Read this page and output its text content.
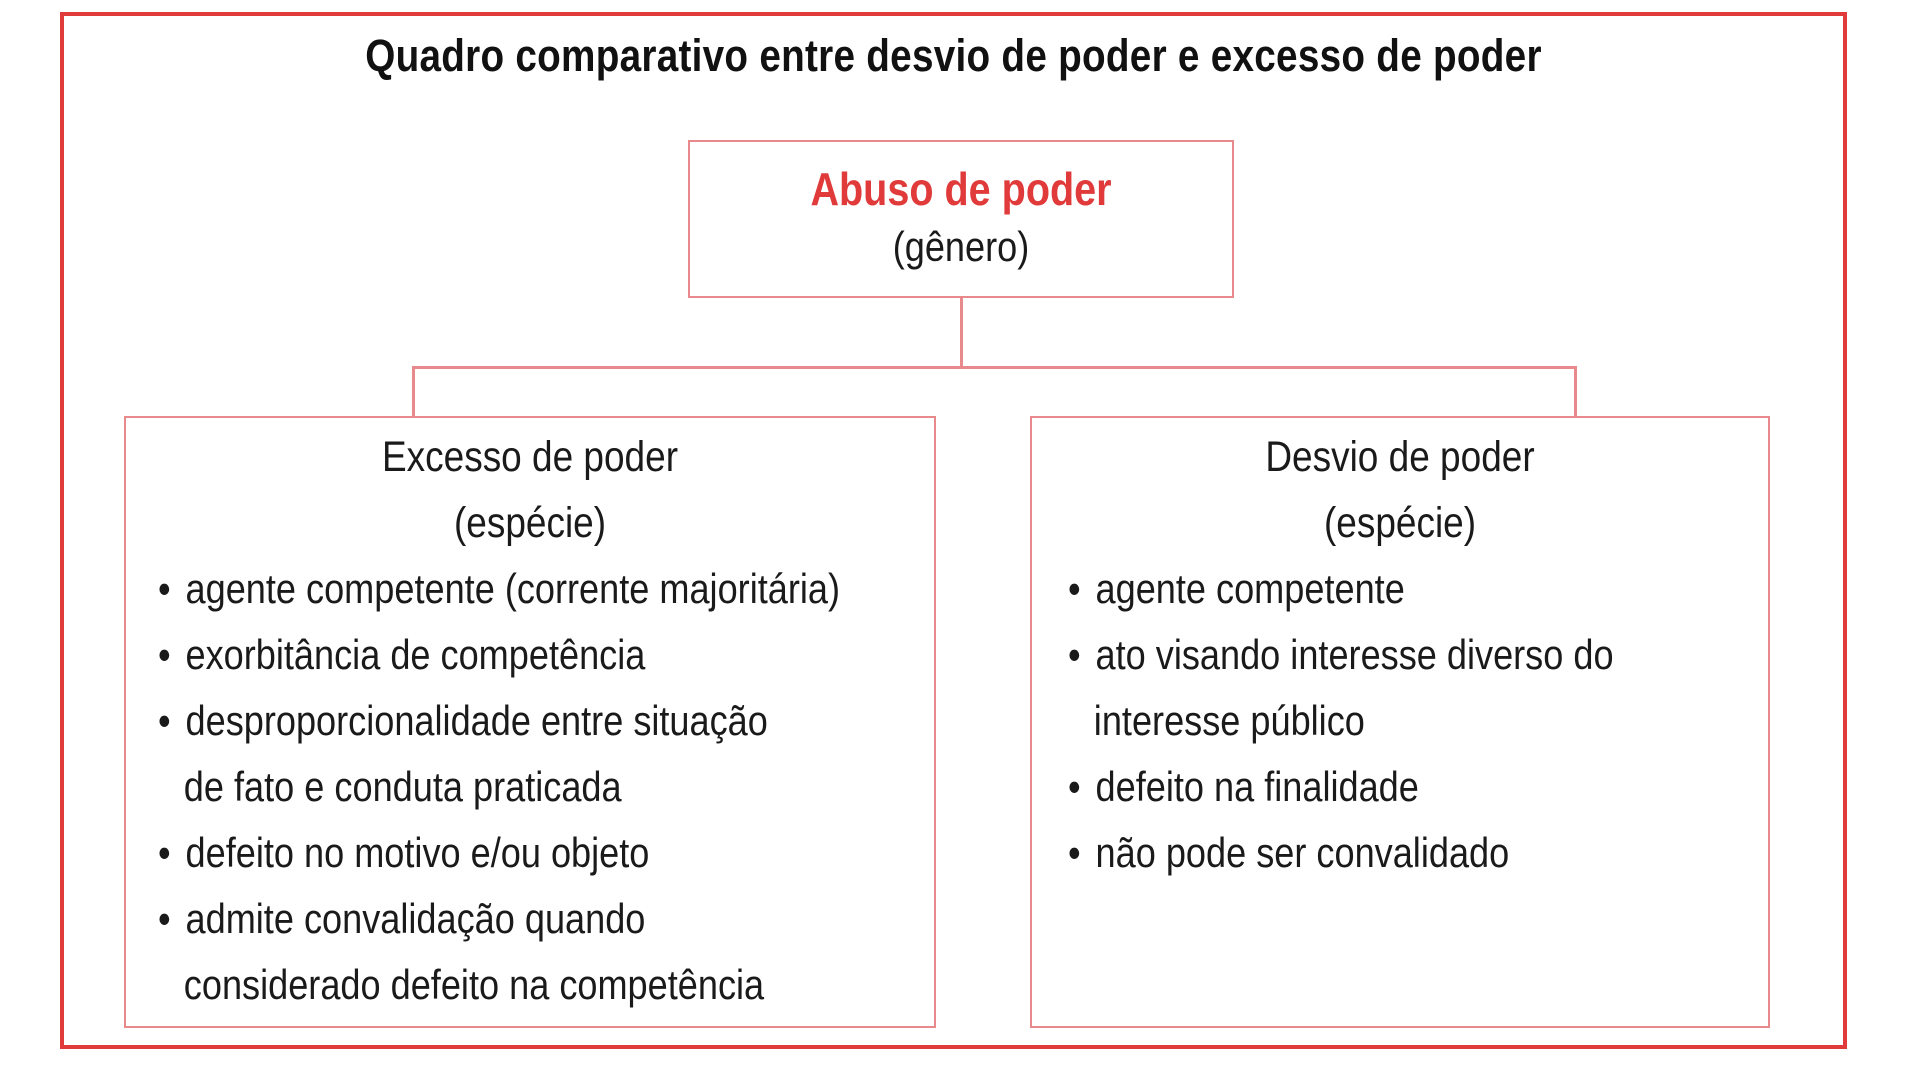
Quadro comparativo entre desvio de poder e excesso de poder
Abuso de poder
(gênero)
Excesso de poder
(espécie)
• agente competente (corrente majoritária)
• exorbitância de competência
• desproporcionalidade entre situação
de fato e conduta praticada
• defeito no motivo e/ou objeto
• admite convalidação quando
considerado defeito na competência
Desvio de poder
(espécie)
• agente competente
• ato visando interesse diverso do
interesse público
• defeito na finalidade
• não pode ser convalidado
